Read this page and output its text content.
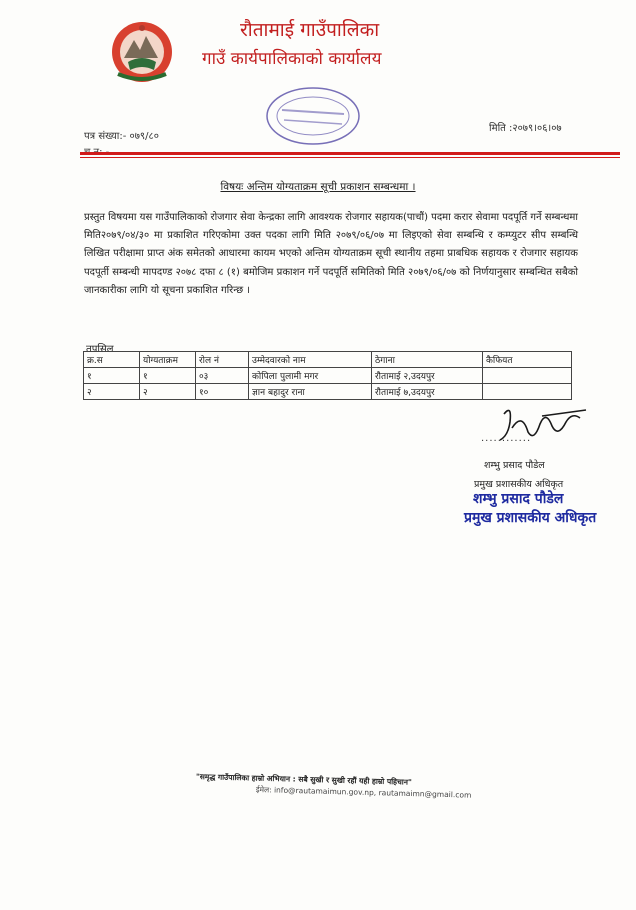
रौतामाई गाउँपालिका
गाउँ कार्यपालिकाको कार्यालय
पत्र संख्या:- ०७९/८०
मिति :२०७९।०६।०७
विषयः अन्तिम योग्यताक्रम सूची प्रकाशन सम्बन्धमा ।
प्रस्तुत विषयमा यस गाउँपालिकाको रोजगार सेवा केन्द्रका लागि आवश्यक रोजगार सहायक(पाचौं) पदमा करार सेवामा पदपूर्ति गर्ने सम्बन्धमा मिति२०७९/०४/३० मा प्रकाशित गरिएकोमा उक्त पदका लागि मिति २०७९/०६/०७ मा लिइएको सेवा सम्बन्धि र कम्प्युटर सीप सम्बन्धि लिखित परीक्षामा प्राप्त अंक समेतको आधारमा कायम भएको अन्तिम योग्यताक्रम सूची स्थानीय तहमा प्राबधिक सहायक र रोजगार सहायक पदपूर्ती सम्बन्धी मापदण्ड २०७८ दफा ८ (१) बमोजिम प्रकाशन गर्ने पदपूर्ति समितिको मिति २०७९/०६/०७ को निर्णयानुसार सम्बन्धित सबैको जानकारीका लागि यो सूचना प्रकाशित गरिन्छ ।
तपसिल
क्र.स	योग्यताक्रम	रोल नं	उम्मेदवारको नाम	ठेगाना	कैफियत
१	१	०३	कोपिला पुलामी मगर	रौतामाई २,उदयपुर	
२	२	१०	ज्ञान बहादुर राना	रौतामाई ७,उदयपुर	
............
शम्भु प्रसाद पौडेल
प्रमुख प्रशासकीय अधिकृत
शम्भु प्रसाद पौडेल
प्रमुख प्रशासकीय अधिकृत
"समृद्ध गाउँपालिका हाम्रो अभियान : सबै सुखी र सुखी रहौं यही हाम्रो पहिचान"
ईमेल: info@rautamaimun.gov.np, rautamaimn@gmail.com
